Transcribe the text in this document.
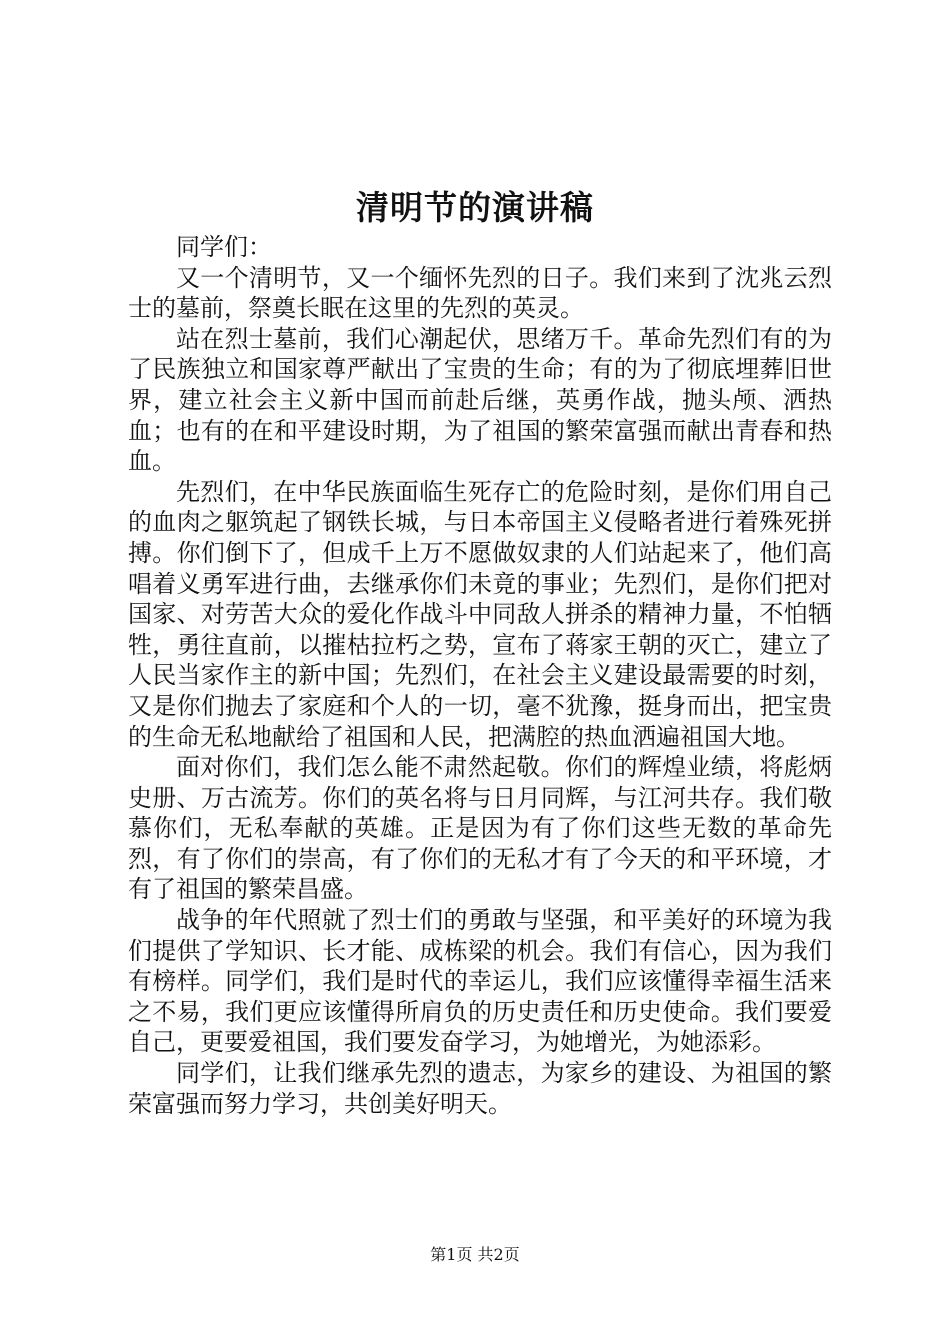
清明节的演讲稿

同学们：

又一个清明节，又一个缅怀先烈的日子。我们来到了沈兆云烈士的墓前，祭奠长眠在这里的先烈的英灵。

站在烈士墓前，我们心潮起伏，思绪万千。革命先烈们有的为了民族独立和国家尊严献出了宝贵的生命；有的为了彻底埋葬旧世界，建立社会主义新中国而前赴后继，英勇作战，抛头颅、洒热血；也有的在和平建设时期，为了祖国的繁荣富强而献出青春和热血。

先烈们，在中华民族面临生死存亡的危险时刻，是你们用自己的血肉之躯筑起了钢铁长城，与日本帝国主义侵略者进行着殊死拼搏。你们倒下了，但成千上万不愿做奴隶的人们站起来了，他们高唱着义勇军进行曲，去继承你们未竟的事业；先烈们，是你们把对国家、对劳苦大众的爱化作战斗中同敌人拼杀的精神力量，不怕牺牲，勇往直前，以摧枯拉朽之势，宣布了蒋家王朝的灭亡，建立了人民当家作主的新中国；先烈们，在社会主义建设最需要的时刻，又是你们抛去了家庭和个人的一切，毫不犹豫，挺身而出，把宝贵的生命无私地献给了祖国和人民，把满腔的热血洒遍祖国大地。

面对你们，我们怎么能不肃然起敬。你们的辉煌业绩，将彪炳史册、万古流芳。你们的英名将与日月同辉，与江河共存。我们敬慕你们，无私奉献的英雄。正是因为有了你们这些无数的革命先烈，有了你们的崇高，有了你们的无私才有了今天的和平环境，才有了祖国的繁荣昌盛。

战争的年代照就了烈士们的勇敢与坚强，和平美好的环境为我们提供了学知识、长才能、成栋梁的机会。我们有信心，因为我们有榜样。同学们，我们是时代的幸运儿，我们应该懂得幸福生活来之不易，我们更应该懂得所肩负的历史责任和历史使命。我们要爱自己，更要爱祖国，我们要发奋学习，为她增光，为她添彩。

同学们，让我们继承先烈的遗志，为家乡的建设、为祖国的繁荣富强而努力学习，共创美好明天。

第1页 共2页
